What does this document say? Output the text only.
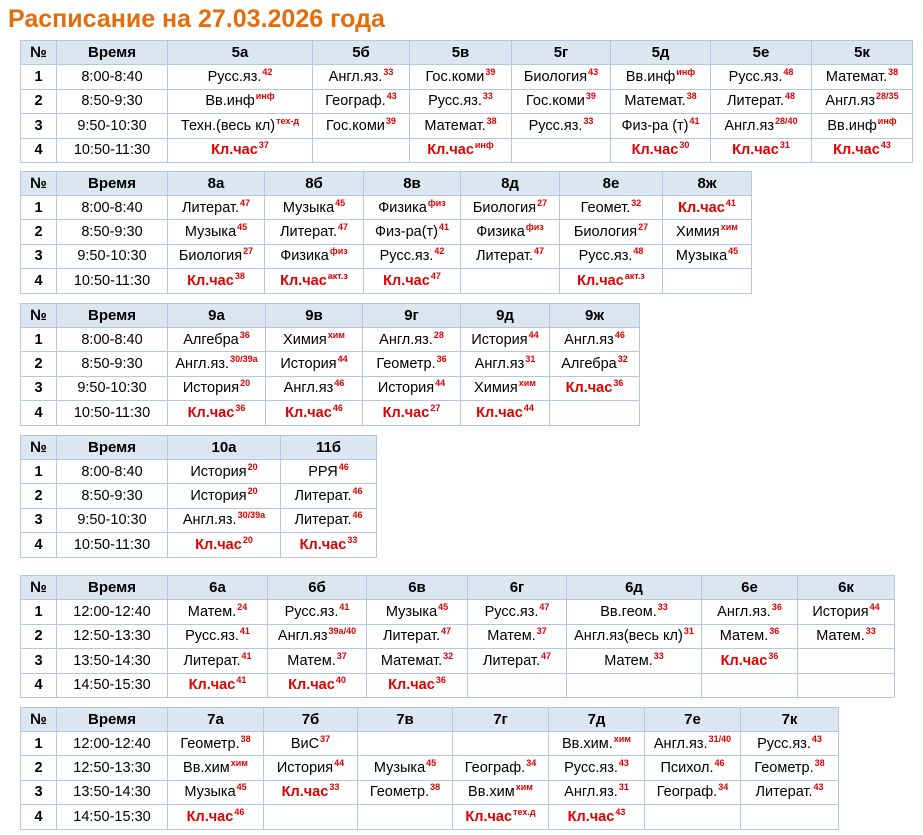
Расписание на 27.03.2026 года
№	Время	5а	5б	5в	5г	5д	5е	5к
1	8:00-8:40	Русс.яз.$^{42}$	Англ.яз.$^{33}$	Гос.коми$^{39}$	Биология$^{43}$	Вв.инф$^{инф}$	Русс.яз.$^{48}$	Математ.$^{38}$
2	8:50-9:30	Вв.инф$^{инф}$	Географ.$^{43}$	Русс.яз.$^{33}$	Гос.коми$^{39}$	Математ.$^{38}$	Литерат.$^{48}$	$Англ.яз^{28/35}$
3	9:50-10:30	Техн.(весь кл)$^{тех-д}$	Гос.коми$^{39}$	Математ.$^{38}$	Русс.яз.$^{33}$	Физ-ра $(т)^{41}$	$Англ.яз^{28/40}$	Вв.инф$^{инф}$
4	10:50-11:30	Кл.час$^{37}$		Кл.час$^{инф}$		Кл.час$^{30}$	Кл.час$^{31}$	Кл.час$^{43}$
№	Время	8а	8б	8в	8д	8е	8ж
1	8:00-8:40	Литерат.$^{47}$	Музыка$^{45}$	Физика$^{физ}$	Биология$^{27}$	Геомет.$^{32}$	Кл.час$^{41}$
2	8:50-9:30	Музыка$^{45}$	Литерат.$^{47}$	Физ-$ра(т)^{41}$	Физика$^{физ}$	Биология$^{27}$	Химия$^{хим}$
3	9:50-10:30	Биология$^{27}$	Физика$^{физ}$	Русс.яз.$^{42}$	Литерат.$^{47}$	Русс.яз.$^{48}$	Музыка$^{45}$
4	10:50-11:30	Кл.час$^{38}$	Кл.час$^{акт.з}$	Кл.час$^{47}$		Кл.час$^{акт.з}$	
№	Время	9а	9в	9г	9д	9ж
1	8:00-8:40	Алгебра$^{36}$	Химия$^{хим}$	Англ.яз.$^{28}$	История$^{44}$	$Англ.яз^{46}$
2	8:50-9:30	Англ.яз.$^{30/39а}$	История$^{44}$	Геометр.$^{36}$	$Англ.яз^{31}$	Алгебра$^{32}$
3	9:50-10:30	История$^{20}$	$Англ.яз^{46}$	История$^{44}$	Химия$^{хим}$	Кл.час$^{36}$
4	10:50-11:30	Кл.час$^{36}$	Кл.час$^{46}$	Кл.час$^{27}$	Кл.час$^{44}$	
№	Время	10а	11б
1	8:00-8:40	История$^{20}$	РРЯ$^{46}$
2	8:50-9:30	История$^{20}$	Литерат.$^{46}$
3	9:50-10:30	Англ.яз.$^{30/39а}$	Литерат.$^{46}$
4	10:50-11:30	Кл.час$^{20}$	Кл.час$^{33}$
№	Время	6а	6б	6в	6г	6д	6е	6к
1	12:00-12:40	Матем.$^{24}$	Русс.яз.$^{41}$	Музыка$^{45}$	Русс.яз.$^{47}$	Вв.геом.$^{33}$	Англ.яз.$^{36}$	История$^{44}$
2	12:50-13:30	Русс.яз.$^{41}$	$Англ.яз^{39а/40}$	Литерат.$^{47}$	Матем.$^{37}$	Англ.яз(весь кл)$^{31}$	Матем.$^{36}$	Матем.$^{33}$
3	13:50-14:30	Литерат.$^{41}$	Матем.$^{37}$	Математ.$^{32}$	Литерат.$^{47}$	Матем.$^{33}$	Кл.час$^{36}$	
4	14:50-15:30	Кл.час$^{41}$	Кл.час$^{40}$	Кл.час$^{36}$				
№	Время	7а	7б	7в	7г	7д	7е	7к
1	12:00-12:40	Геометр.$^{38}$	ВиС$^{37}$			Вв.хим.$^{хим}$	Англ.яз.$^{31/40}$	Русс.яз.$^{43}$
2	12:50-13:30	Вв.хим$^{хим}$	История$^{44}$	Музыка$^{45}$	Географ.$^{34}$	Русс.яз.$^{43}$	Психол.$^{46}$	Геометр.$^{38}$
3	13:50-14:30	Музыка$^{45}$	Кл.час$^{33}$	Геометр.$^{38}$	Вв.хим$^{хим}$	Англ.яз.$^{31}$	Географ.$^{34}$	Литерат.$^{43}$
4	14:50-15:30	Кл.час$^{46}$			Кл.час$^{тех.д}$	Кл.час$^{43}$		
